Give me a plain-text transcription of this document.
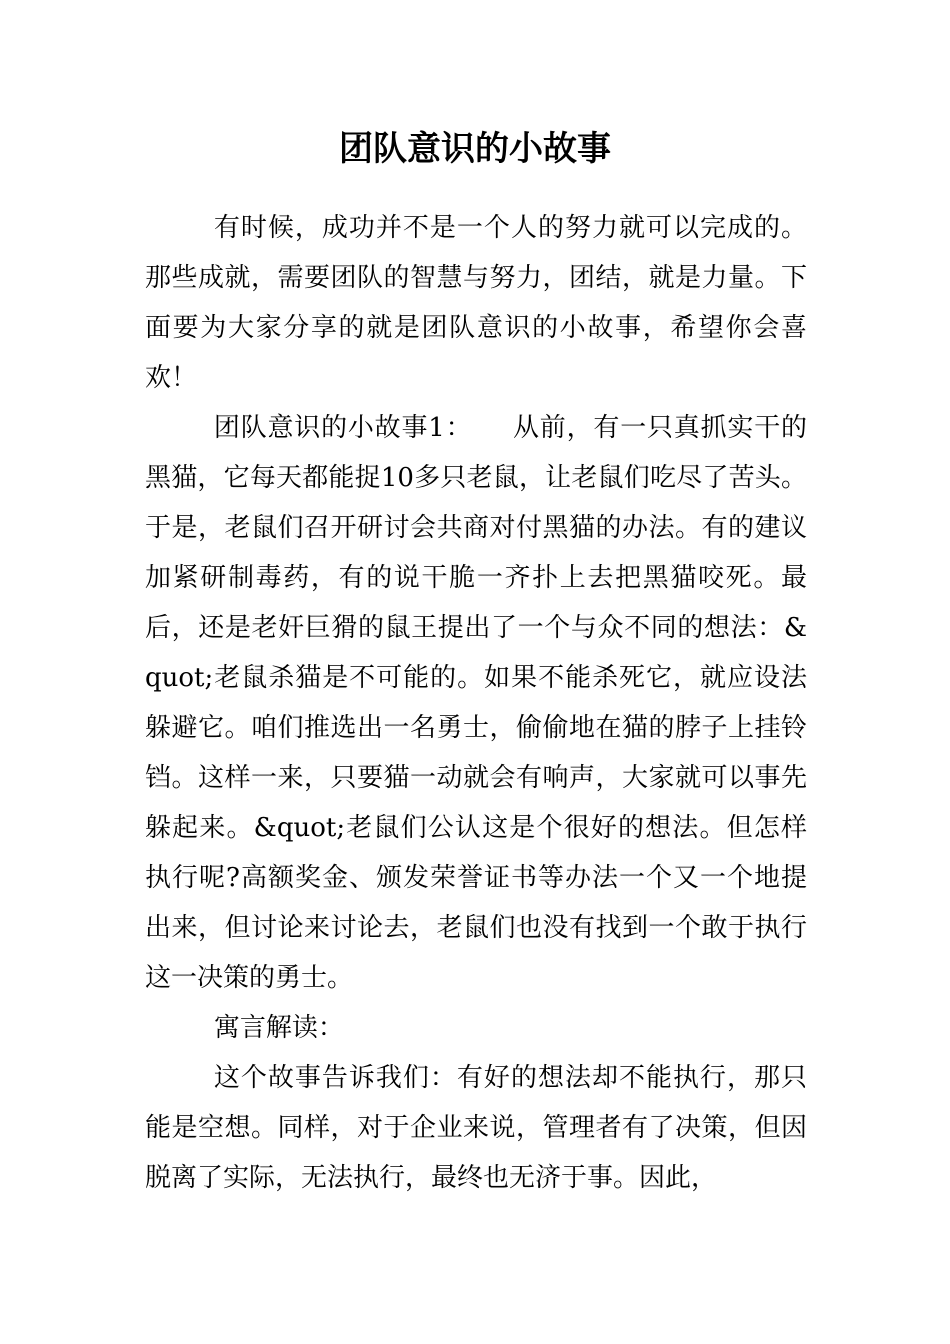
团队意识的小故事

有时候，成功并不是一个人的努力就可以完成的。那些成就，需要团队的智慧与努力，团结，就是力量。下面要为大家分享的就是团队意识的小故事，希望你会喜欢！

团队意识的小故事1：　　从前，有一只真抓实干的黑猫，它每天都能捉10多只老鼠，让老鼠们吃尽了苦头。于是，老鼠们召开研讨会共商对付黑猫的办法。有的建议加紧研制毒药，有的说干脆一齐扑上去把黑猫咬死。最后，还是老奸巨猾的鼠王提出了一个与众不同的想法：&quot;老鼠杀猫是不可能的。如果不能杀死它，就应设法躲避它。咱们推选出一名勇士，偷偷地在猫的脖子上挂铃铛。这样一来，只要猫一动就会有响声，大家就可以事先躲起来。&quot;老鼠们公认这是个很好的想法。但怎样执行呢?高额奖金、颁发荣誉证书等办法一个又一个地提出来，但讨论来讨论去，老鼠们也没有找到一个敢于执行这一决策的勇士。

寓言解读：

这个故事告诉我们：有好的想法却不能执行，那只能是空想。同样，对于企业来说，管理者有了决策，但因脱离了实际，无法执行，最终也无济于事。因此，
